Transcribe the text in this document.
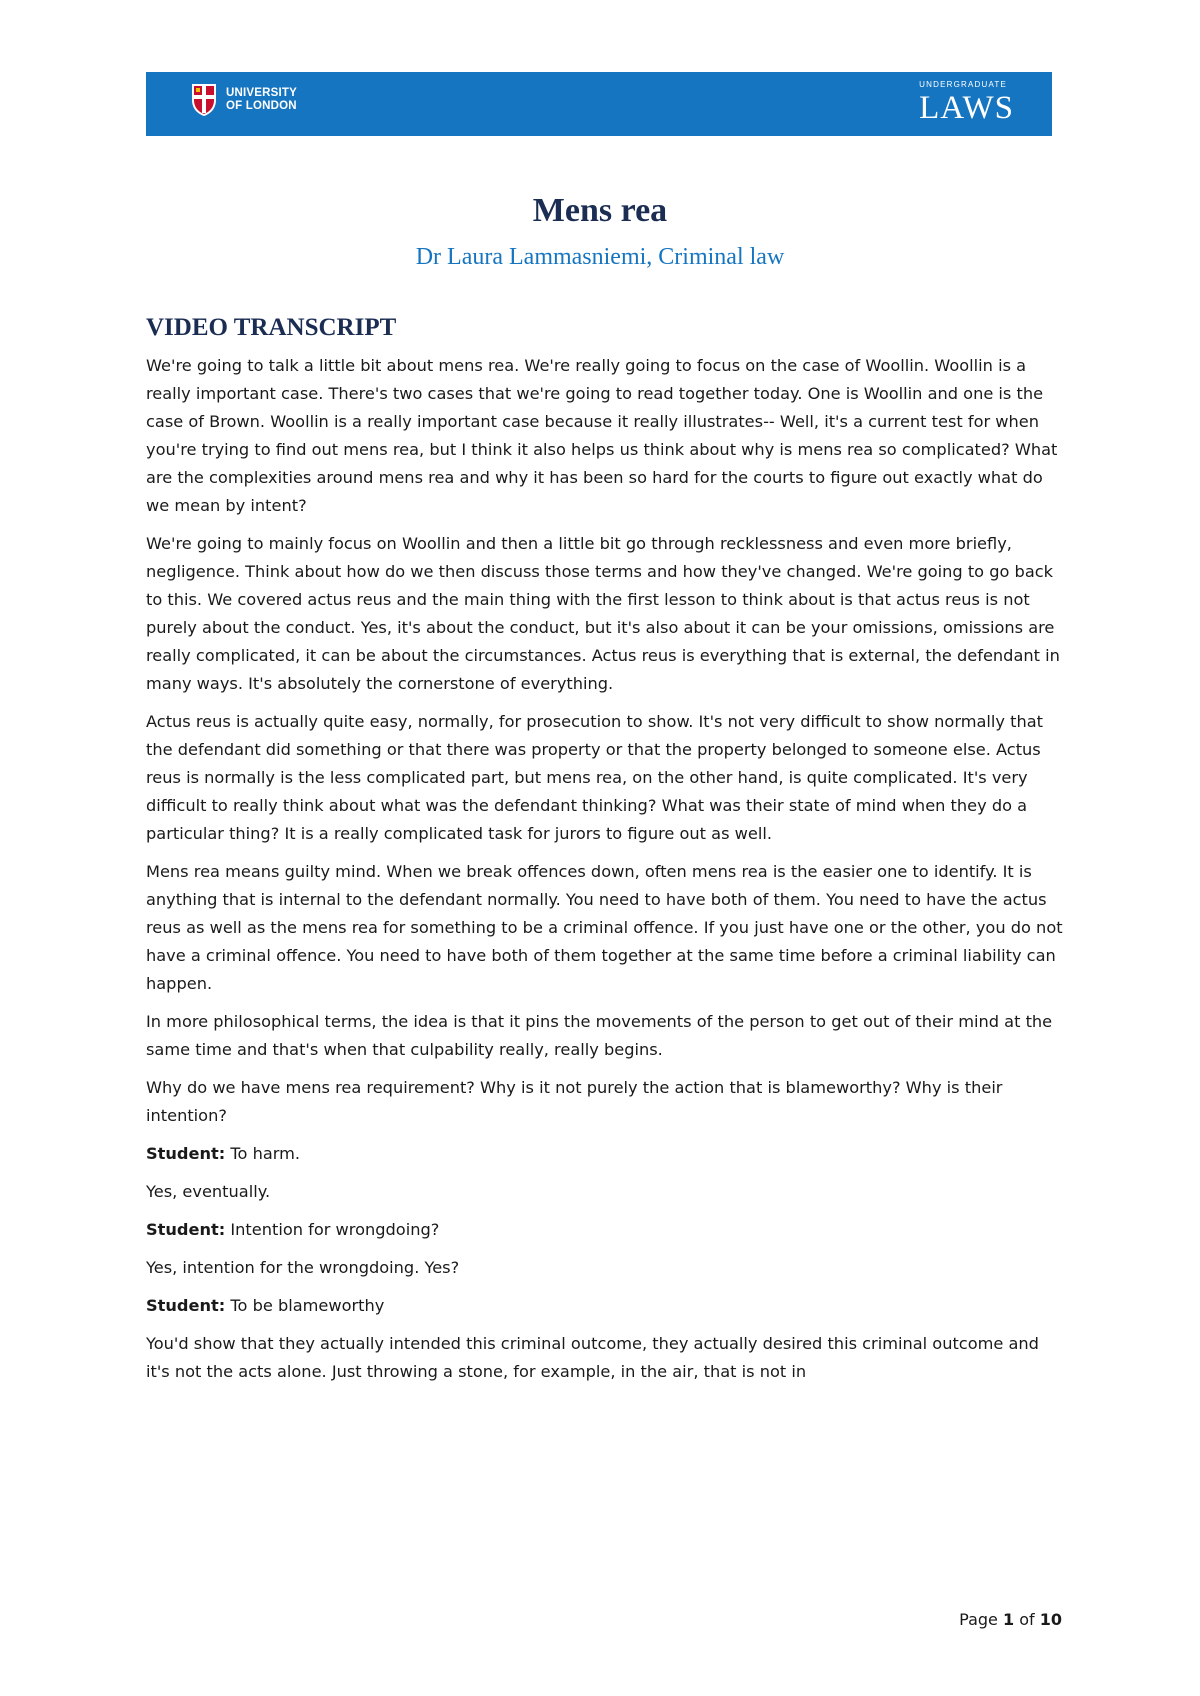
UNIVERSITY
OF LONDON
UNDERGRADUATE
LAWS
Mens rea

Dr Laura Lammasniemi, Criminal law

VIDEO TRANSCRIPT

We're going to talk a little bit about mens rea. We're really going to focus on the case of Woollin. Woollin is a really important case. There's two cases that we're going to read together today. One is Woollin and one is the case of Brown. Woollin is a really important case because it really illustrates-- Well, it's a current test for when you're trying to find out mens rea, but I think it also helps us think about why is mens rea so complicated? What are the complexities around mens rea and why it has been so hard for the courts to figure out exactly what do we mean by intent?

We're going to mainly focus on Woollin and then a little bit go through recklessness and even more briefly, negligence. Think about how do we then discuss those terms and how they've changed. We're going to go back to this. We covered actus reus and the main thing with the first lesson to think about is that actus reus is not purely about the conduct. Yes, it's about the conduct, but it's also about it can be your omissions, omissions are really complicated, it can be about the circumstances. Actus reus is everything that is external, the defendant in many ways. It's absolutely the cornerstone of everything.

Actus reus is actually quite easy, normally, for prosecution to show. It's not very difficult to show normally that the defendant did something or that there was property or that the property belonged to someone else. Actus reus is normally is the less complicated part, but mens rea, on the other hand, is quite complicated. It's very difficult to really think about what was the defendant thinking? What was their state of mind when they do a particular thing? It is a really complicated task for jurors to figure out as well.

Mens rea means guilty mind. When we break offences down, often mens rea is the easier one to identify. It is anything that is internal to the defendant normally. You need to have both of them. You need to have the actus reus as well as the mens rea for something to be a criminal offence. If you just have one or the other, you do not have a criminal offence. You need to have both of them together at the same time before a criminal liability can happen.

In more philosophical terms, the idea is that it pins the movements of the person to get out of their mind at the same time and that's when that culpability really, really begins.

Why do we have mens rea requirement? Why is it not purely the action that is blameworthy? Why is their intention?

Student: To harm.

Yes, eventually.

Student: Intention for wrongdoing?

Yes, intention for the wrongdoing. Yes?

Student: To be blameworthy

You'd show that they actually intended this criminal outcome, they actually desired this criminal outcome and it's not the acts alone. Just throwing a stone, for example, in the air, that is not in

Page 1 of 10
